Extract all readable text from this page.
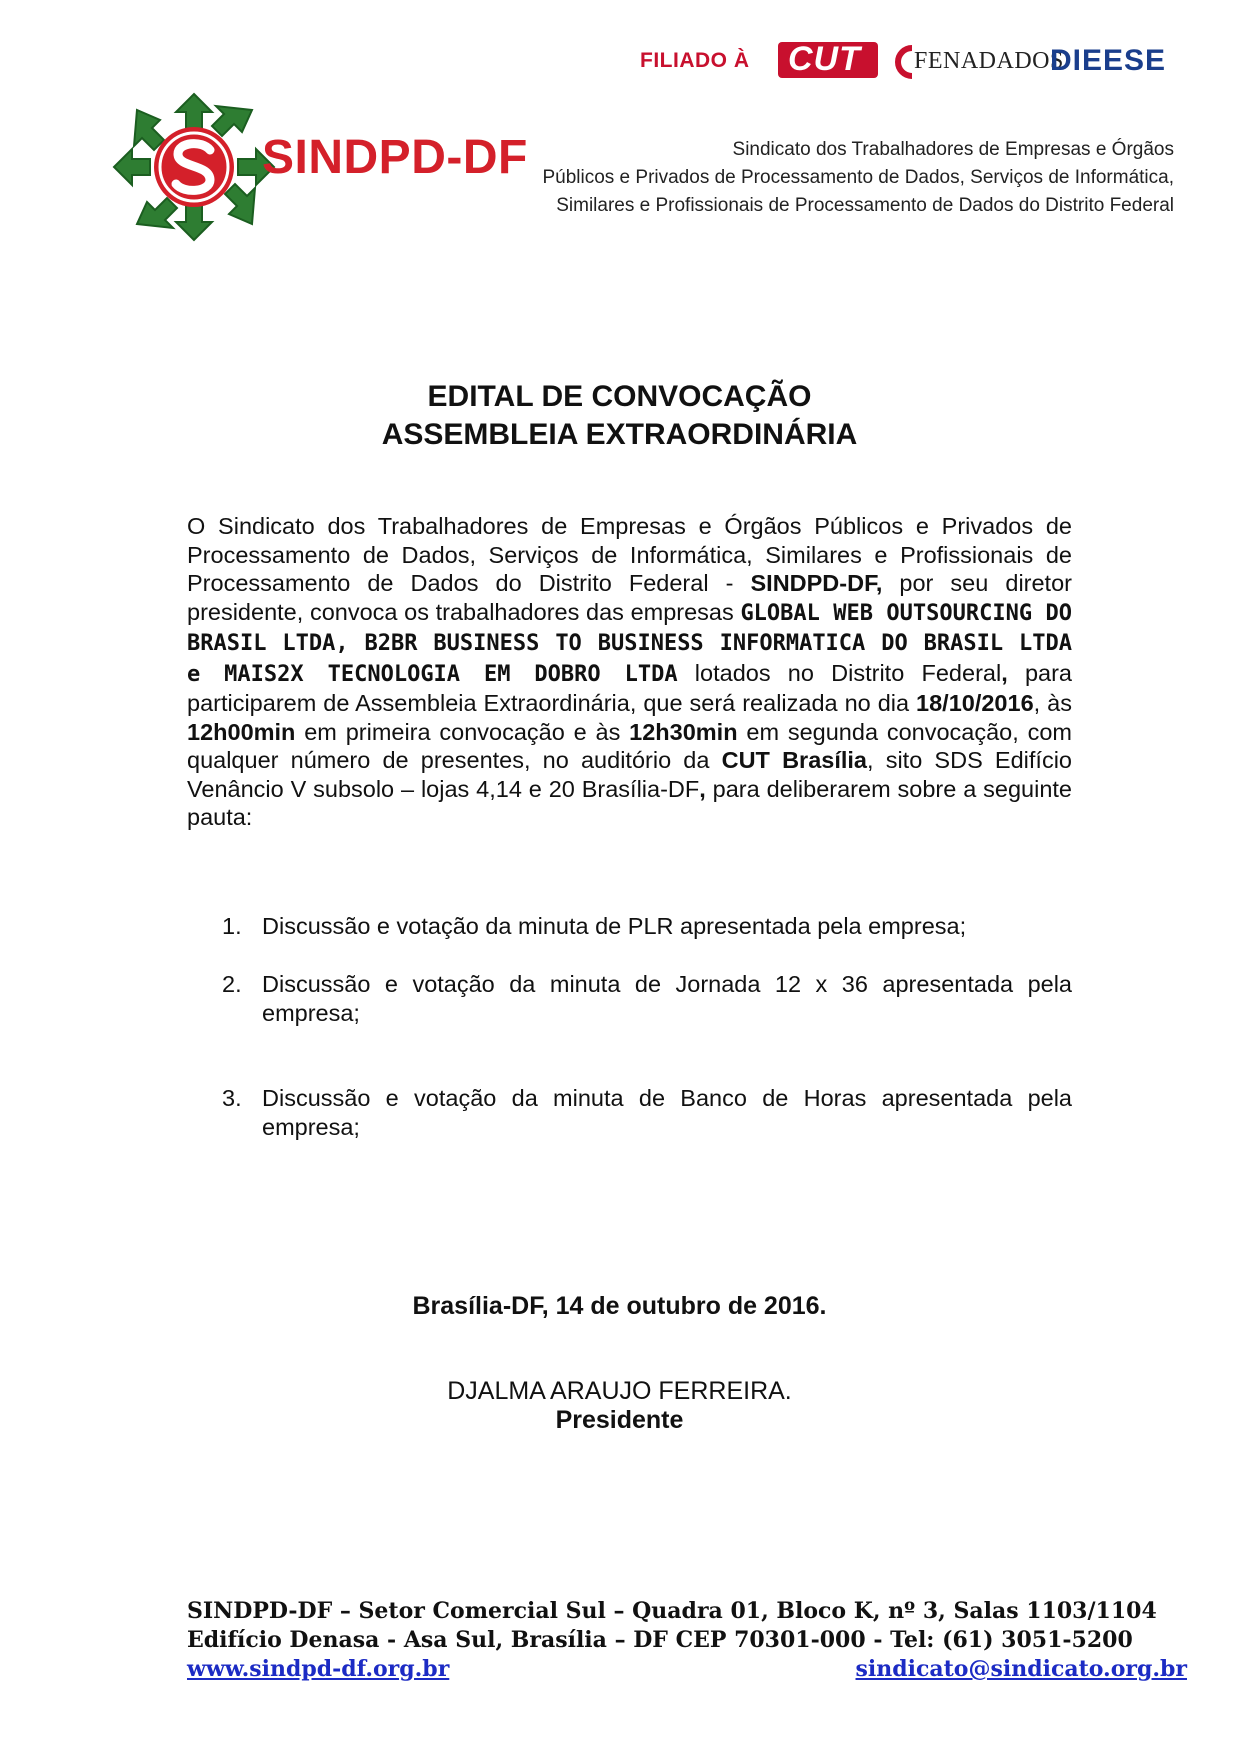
FILIADO À CUT FENADADOS
DIEESE
SINDPD-DF	Sindicato dos Trabalhadores de Empresas e Órgãos
Públicos e Privados de Processamento de Dados, Serviços de Informática,
Similares e Profissionais de Processamento de Dados do Distrito Federal
EDITAL DE CONVOCAÇÃO
ASSEMBLEIA EXTRAORDINÁRIA
O Sindicato dos Trabalhadores de Empresas e Órgãos Públicos e Privados de Processamento de Dados, Serviços de Informática, Similares e Profissionais de Processamento de Dados do Distrito Federal - SINDPD-DF, por seu diretor presidente, convoca os trabalhadores das empresas GLOBAL WEB OUTSOURCING DO BRASIL LTDA, B2BR BUSINESS TO BUSINESS INFORMATICA DO BRASIL LTDA e MAIS2X TECNOLOGIA EM DOBRO LTDA lotados no Distrito Federal, para participarem de Assembleia Extraordinária, que será realizada no dia 18/10/2016, às 12h00min em primeira convocação e às 12h30min em segunda convocação, com qualquer número de presentes, no auditório da CUT Brasília, sito SDS Edifício Venâncio V subsolo – lojas 4,14 e 20 Brasília-DF, para deliberarem sobre a seguinte pauta:
1. Discussão e votação da minuta de PLR apresentada pela empresa;
2. Discussão e votação da minuta de Jornada 12 x 36 apresentada pela empresa;
3. Discussão e votação da minuta de Banco de Horas apresentada pela empresa;
Brasília-DF, 14 de outubro de 2016.
DJALMA ARAUJO FERREIRA.
Presidente
SINDPD-DF – Setor Comercial Sul – Quadra 01, Bloco K, nº 3, Salas 1103/1104
Edifício Denasa - Asa Sul, Brasília – DF CEP 70301-000 - Tel: (61) 3051-5200
www.sindpd-df.org.br	sindicato@sindicato.org.br
